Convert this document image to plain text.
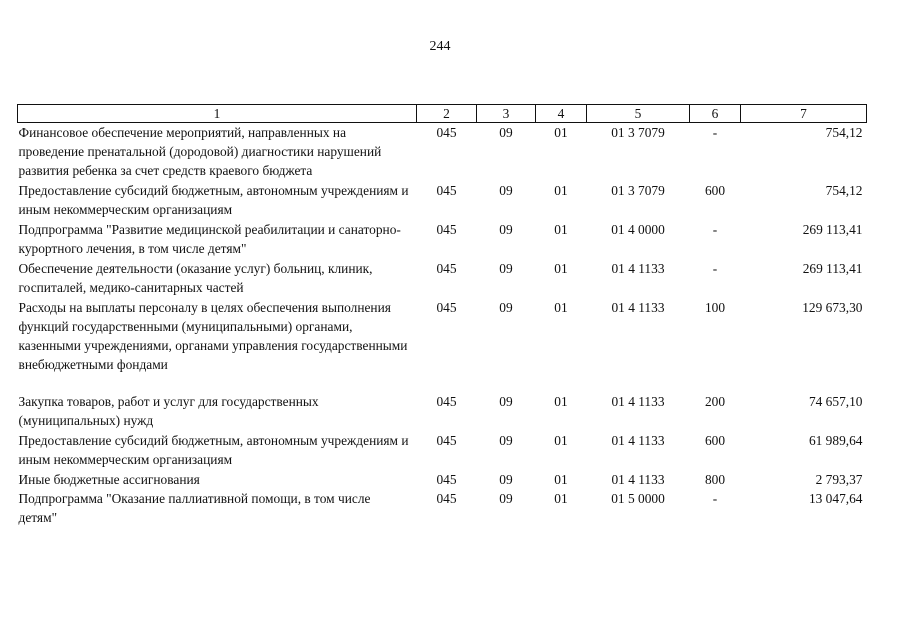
244
1	2	3	4	5	6	7
Финансовое обеспечение мероприятий, направленных на проведение пренатальной (дородовой) диагностики нарушений развития ребенка за счет средств краевого бюджета	045	09	01	01 3 7079	-	754,12
Предоставление субсидий бюджетным, автономным учреждениям и иным некоммерческим организациям	045	09	01	01 3 7079	600	754,12
Подпрограмма "Развитие медицинской реабилитации и санаторно-курортного лечения, в том числе детям"	045	09	01	01 4 0000	-	269 113,41
Обеспечение деятельности (оказание услуг) больниц, клиник, госпиталей, медико-санитарных частей	045	09	01	01 4 1133	-	269 113,41
Расходы на выплаты персоналу в целях обеспечения выполнения функций государственными (муниципальными) органами, казенными учреждениями, органами управления государственными внебюджетными фондами	045	09	01	01 4 1133	100	129 673,30

Закупка товаров, работ и услуг для государственных (муниципальных) нужд	045	09	01	01 4 1133	200	74 657,10
Предоставление субсидий бюджетным, автономным учреждениям и иным некоммерческим организациям	045	09	01	01 4 1133	600	61 989,64
Иные бюджетные ассигнования	045	09	01	01 4 1133	800	2 793,37
Подпрограмма "Оказание паллиативной помощи, в том числе детям"	045	09	01	01 5 0000	-	13 047,64
